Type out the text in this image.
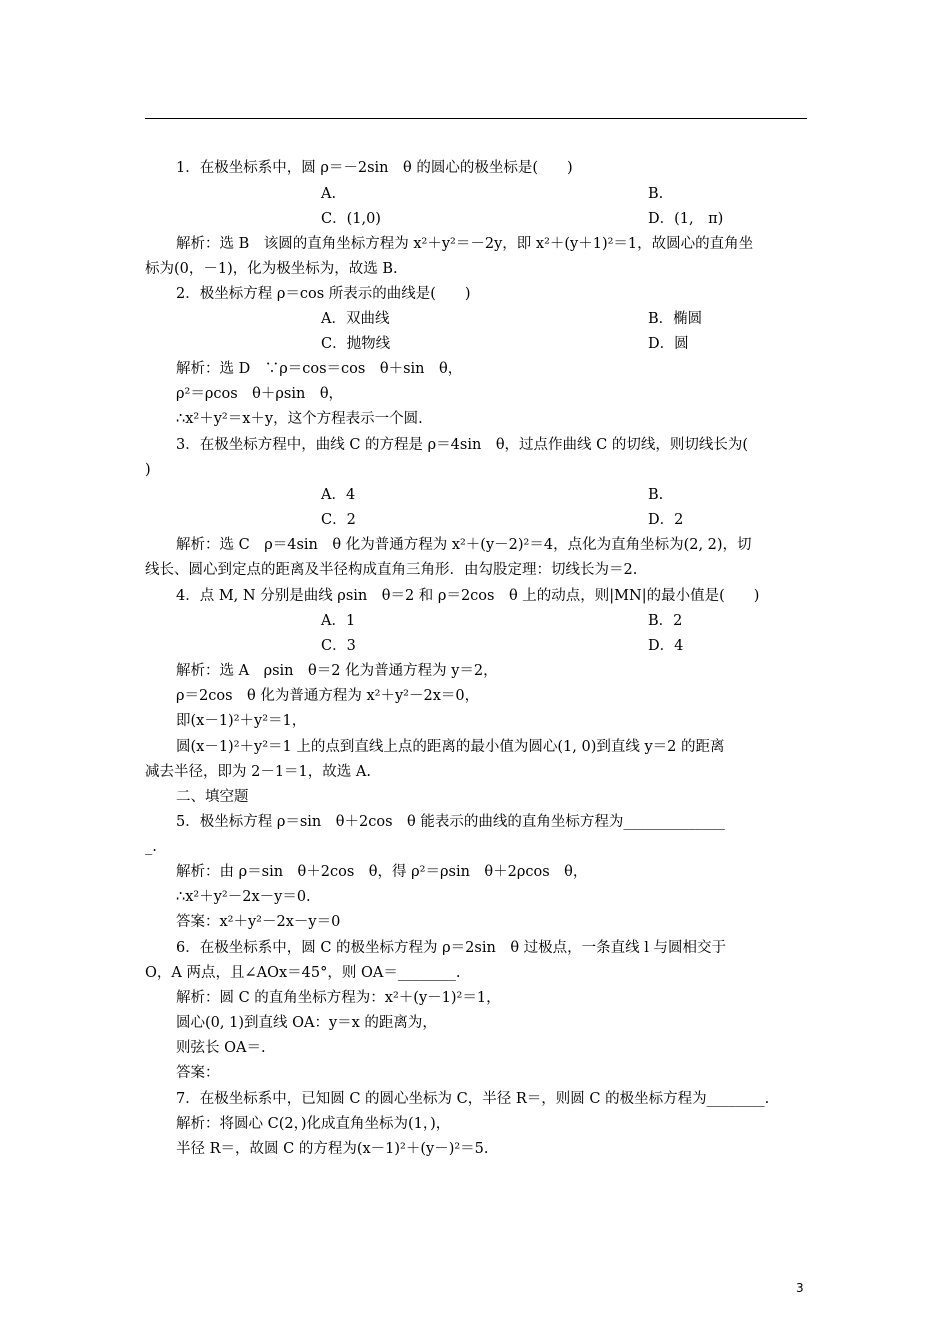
1．在极坐标系中，圆 ρ＝－2sin　θ 的圆心的极坐标是(　　)
A.	B.
C．(1,0)	D．(1,　π)
解析：选 B　该圆的直角坐标方程为 x²＋y²＝－2y，即 x²＋(y＋1)²＝1，故圆心的直角坐
标为(0，－1)，化为极坐标为，故选 B.
2．极坐标方程 ρ＝cos 所表示的曲线是(　　)
A．双曲线	B．椭圆
C．抛物线	D．圆
解析：选 D　∵ρ＝cos＝cos　θ＋sin　θ，
ρ²＝ρcos　θ＋ρsin　θ，
∴x²＋y²＝x＋y，这个方程表示一个圆.
3．在极坐标方程中，曲线 C 的方程是 ρ＝4sin　θ，过点作曲线 C 的切线，则切线长为(
)
A．4	B.
C．2	D．2
解析：选 C　ρ＝4sin　θ 化为普通方程为 x²＋(y－2)²＝4，点化为直角坐标为(2, 2)，切
线长、圆心到定点的距离及半径构成直角三角形．由勾股定理：切线长为＝2.
4．点 M, N 分别是曲线 ρsin　θ＝2 和 ρ＝2cos　θ 上的动点，则|MN|的最小值是(　　)
A．1	B．2
C．3	D．4
解析：选 A　ρsin　θ＝2 化为普通方程为 y＝2，
ρ＝2cos　θ 化为普通方程为 x²＋y²－2x＝0，
即(x－1)²＋y²＝1，
圆(x－1)²＋y²＝1 上的点到直线上点的距离的最小值为圆心(1, 0)到直线 y＝2 的距离
减去半径，即为 2－1＝1，故选 A.
二、填空题
5．极坐标方程 ρ＝sin　θ＋2cos　θ 能表示的曲线的直角坐标方程为______________
_.
解析：由 ρ＝sin　θ＋2cos　θ，得 ρ²＝ρsin　θ＋2ρcos　θ，
∴x²＋y²－2x－y＝0.
答案：x²＋y²－2x－y＝0
6．在极坐标系中，圆 C 的极坐标方程为 ρ＝2sin　θ 过极点，一条直线 l 与圆相交于
O，A 两点，且∠AOx＝45°，则 OA＝________.
解析：圆 C 的直角坐标方程为：x²＋(y－1)²＝1，
圆心(0, 1)到直线 OA：y＝x 的距离为，
则弦长 OA＝.
答案：
7．在极坐标系中，已知圆 C 的圆心坐标为 C，半径 R＝，则圆 C 的极坐标方程为________.
解析：将圆心 C(2，)化成直角坐标为(1，)，
半径 R＝，故圆 C 的方程为(x－1)²＋(y－)²＝5.
3
